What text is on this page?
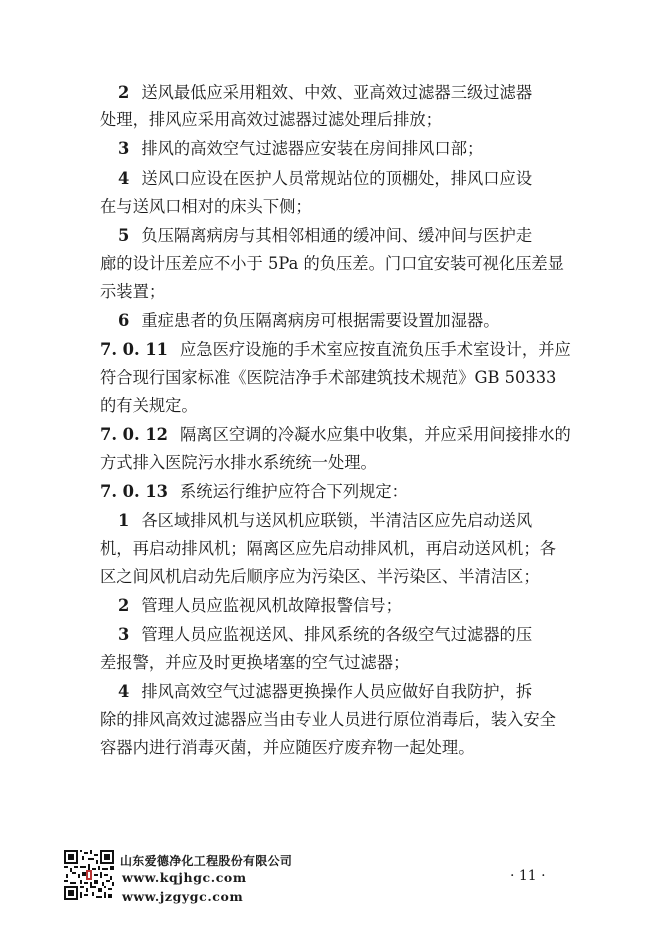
2 送风最低应采用粗效、中效、亚高效过滤器三级过滤器
处理，排风应采用高效过滤器过滤处理后排放；
3 排风的高效空气过滤器应安装在房间排风口部；
4 送风口应设在医护人员常规站位的顶棚处，排风口应设
在与送风口相对的床头下侧；
5 负压隔离病房与其相邻相通的缓冲间、缓冲间与医护走
廊的设计压差应不小于 5Pa 的负压差。门口宜安装可视化压差显
示装置；
6 重症患者的负压隔离病房可根据需要设置加湿器。
7. 0. 11 应急医疗设施的手术室应按直流负压手术室设计，并应
符合现行国家标准《医院洁净手术部建筑技术规范》GB 50333
的有关规定。
7. 0. 12 隔离区空调的冷凝水应集中收集，并应采用间接排水的
方式排入医院污水排水系统统一处理。
7. 0. 13 系统运行维护应符合下列规定：
1 各区域排风机与送风机应联锁，半清洁区应先启动送风
机，再启动排风机；隔离区应先启动排风机，再启动送风机；各
区之间风机启动先后顺序应为污染区、半污染区、半清洁区；
2 管理人员应监视风机故障报警信号；
3 管理人员应监视送风、排风系统的各级空气过滤器的压
差报警，并应及时更换堵塞的空气过滤器；
4 排风高效空气过滤器更换操作人员应做好自我防护，拆
除的排风高效过滤器应当由专业人员进行原位消毒后，装入安全
容器内进行消毒灭菌，并应随医疗废弃物一起处理。
山东爱德净化工程股份有限公司
www.kqjhgc.com
www.jzgygc.com
· 11 ·
